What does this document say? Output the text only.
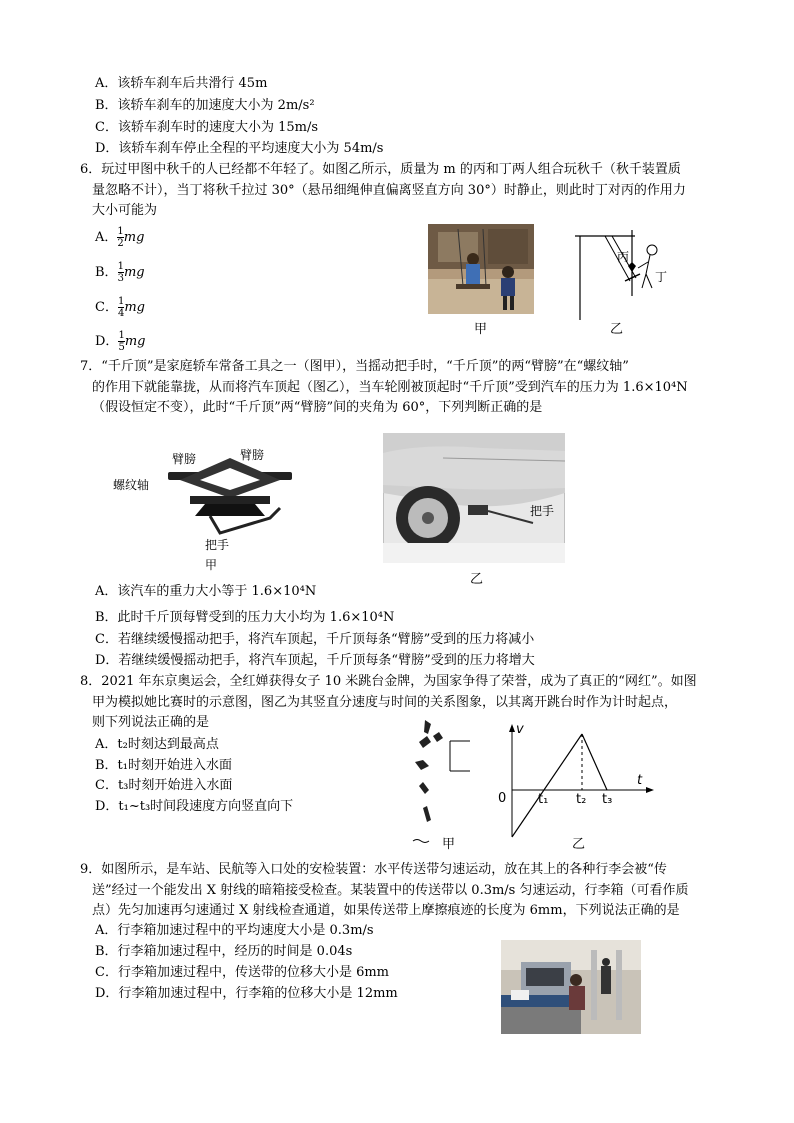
A．该轿车刹车后共滑行 45m
B．该轿车刹车的加速度大小为 2m/s²
C．该轿车刹车时的速度大小为 15m/s
D．该轿车刹车停止全程的平均速度大小为 54m/s
6．玩过甲图中秋千的人已经都不年轻了。如图乙所示，质量为 m 的丙和丁两人组合玩秋千（秋千装置质
量忽略不计），当丁将秋千拉过 30°（悬吊细绳伸直偏离竖直方向 30°）时静止，则此时丁对丙的作用力
大小可能为
A．$\frac{1}{2}$ mg
B．$\frac{1}{3}$ mg
C．$\frac{1}{4}$ mg
D．$\frac{1}{5}$ mg
甲
丙
丁
乙
7．“千斤顶”是家庭轿车常备工具之一（图甲），当摇动把手时，“千斤顶”的两“臂膀”在“螺纹轴”
的作用下就能靠拢，从而将汽车顶起（图乙），当车轮刚被顶起时“千斤顶”受到汽车的压力为 1.6×10⁴N
（假设恒定不变），此时“千斤顶”两“臂膀”间的夹角为 60°，下列判断正确的是
臂膀	臂膀
螺纹轴
把手
甲
把手
乙
A．该汽车的重力大小等于 1.6×10⁴N
B．此时千斤顶每臂受到的压力大小均为 1.6×10⁴N
C．若继续缓慢摇动把手，将汽车顶起，千斤顶每条“臂膀”受到的压力将减小
D．若继续缓慢摇动把手，将汽车顶起，千斤顶每条“臂膀”受到的压力将增大
8．2021 年东京奥运会，全红婵获得女子 10 米跳台金牌，为国家争得了荣誉，成为了真正的“网红”。如图
甲为模拟她比赛时的示意图，图乙为其竖直分速度与时间的关系图象，以其离开跳台时作为计时起点，
则下列说法正确的是
A．t₂时刻达到最高点
B．t₁时刻开始进入水面
C．t₃时刻开始进入水面
D．t₁~t₃时间段速度方向竖直向下
甲
v
t
0 t₁ t₂ t₃
乙
9．如图所示，是车站、民航等入口处的安检装置：水平传送带匀速运动，放在其上的各种行李会被“传
送”经过一个能发出 X 射线的暗箱接受检查。某装置中的传送带以 0.3m/s 匀速运动，行李箱（可看作质
点）先匀加速再匀速通过 X 射线检查通道，如果传送带上摩擦痕迹的长度为 6mm，下列说法正确的是
A．行李箱加速过程中的平均速度大小是 0.3m/s
B．行李箱加速过程中，经历的时间是 0.04s
C．行李箱加速过程中，传送带的位移大小是 6mm
D．行李箱加速过程中，行李箱的位移大小是 12mm
